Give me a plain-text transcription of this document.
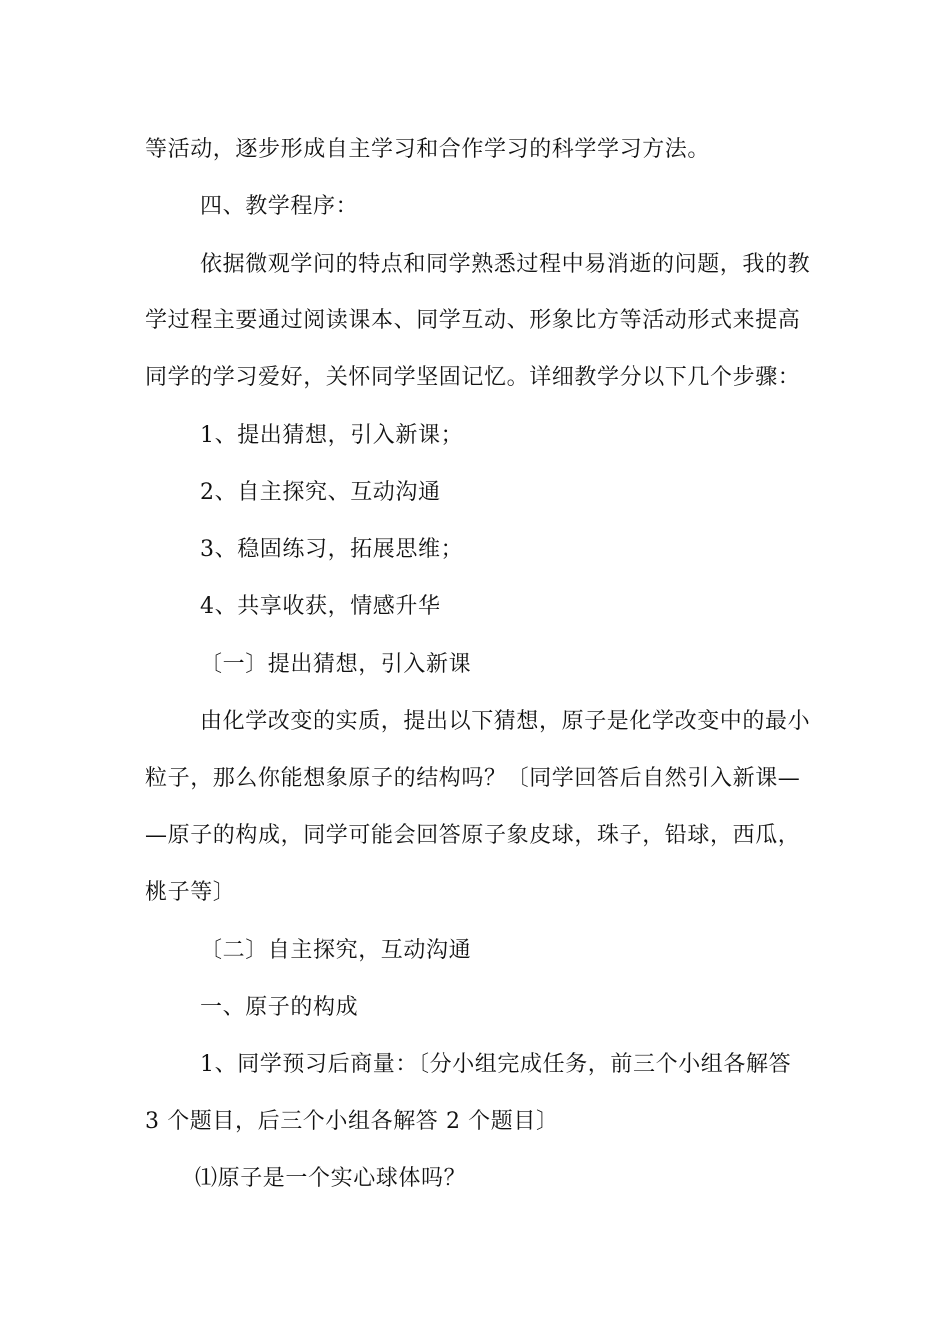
等活动，逐步形成自主学习和合作学习的科学学习方法。
四、教学程序：
依据微观学问的特点和同学熟悉过程中易消逝的问题，我的教
学过程主要通过阅读课本、同学互动、形象比方等活动形式来提高
同学的学习爱好，关怀同学坚固记忆。详细教学分以下几个步骤：
1、提出猜想，引入新课；
2、自主探究、互动沟通
3、稳固练习，拓展思维；
4、共享收获，情感升华
〔一〕提出猜想，引入新课
由化学改变的实质，提出以下猜想，原子是化学改变中的最小
粒子，那么你能想象原子的结构吗？〔同学回答后自然引入新课—
—原子的构成，同学可能会回答原子象皮球，珠子，铅球，西瓜，
桃子等〕
〔二〕自主探究，互动沟通
一、原子的构成
1、同学预习后商量：〔分小组完成任务，前三个小组各解答
3 个题目，后三个小组各解答 2 个题目〕
⑴原子是一个实心球体吗？
